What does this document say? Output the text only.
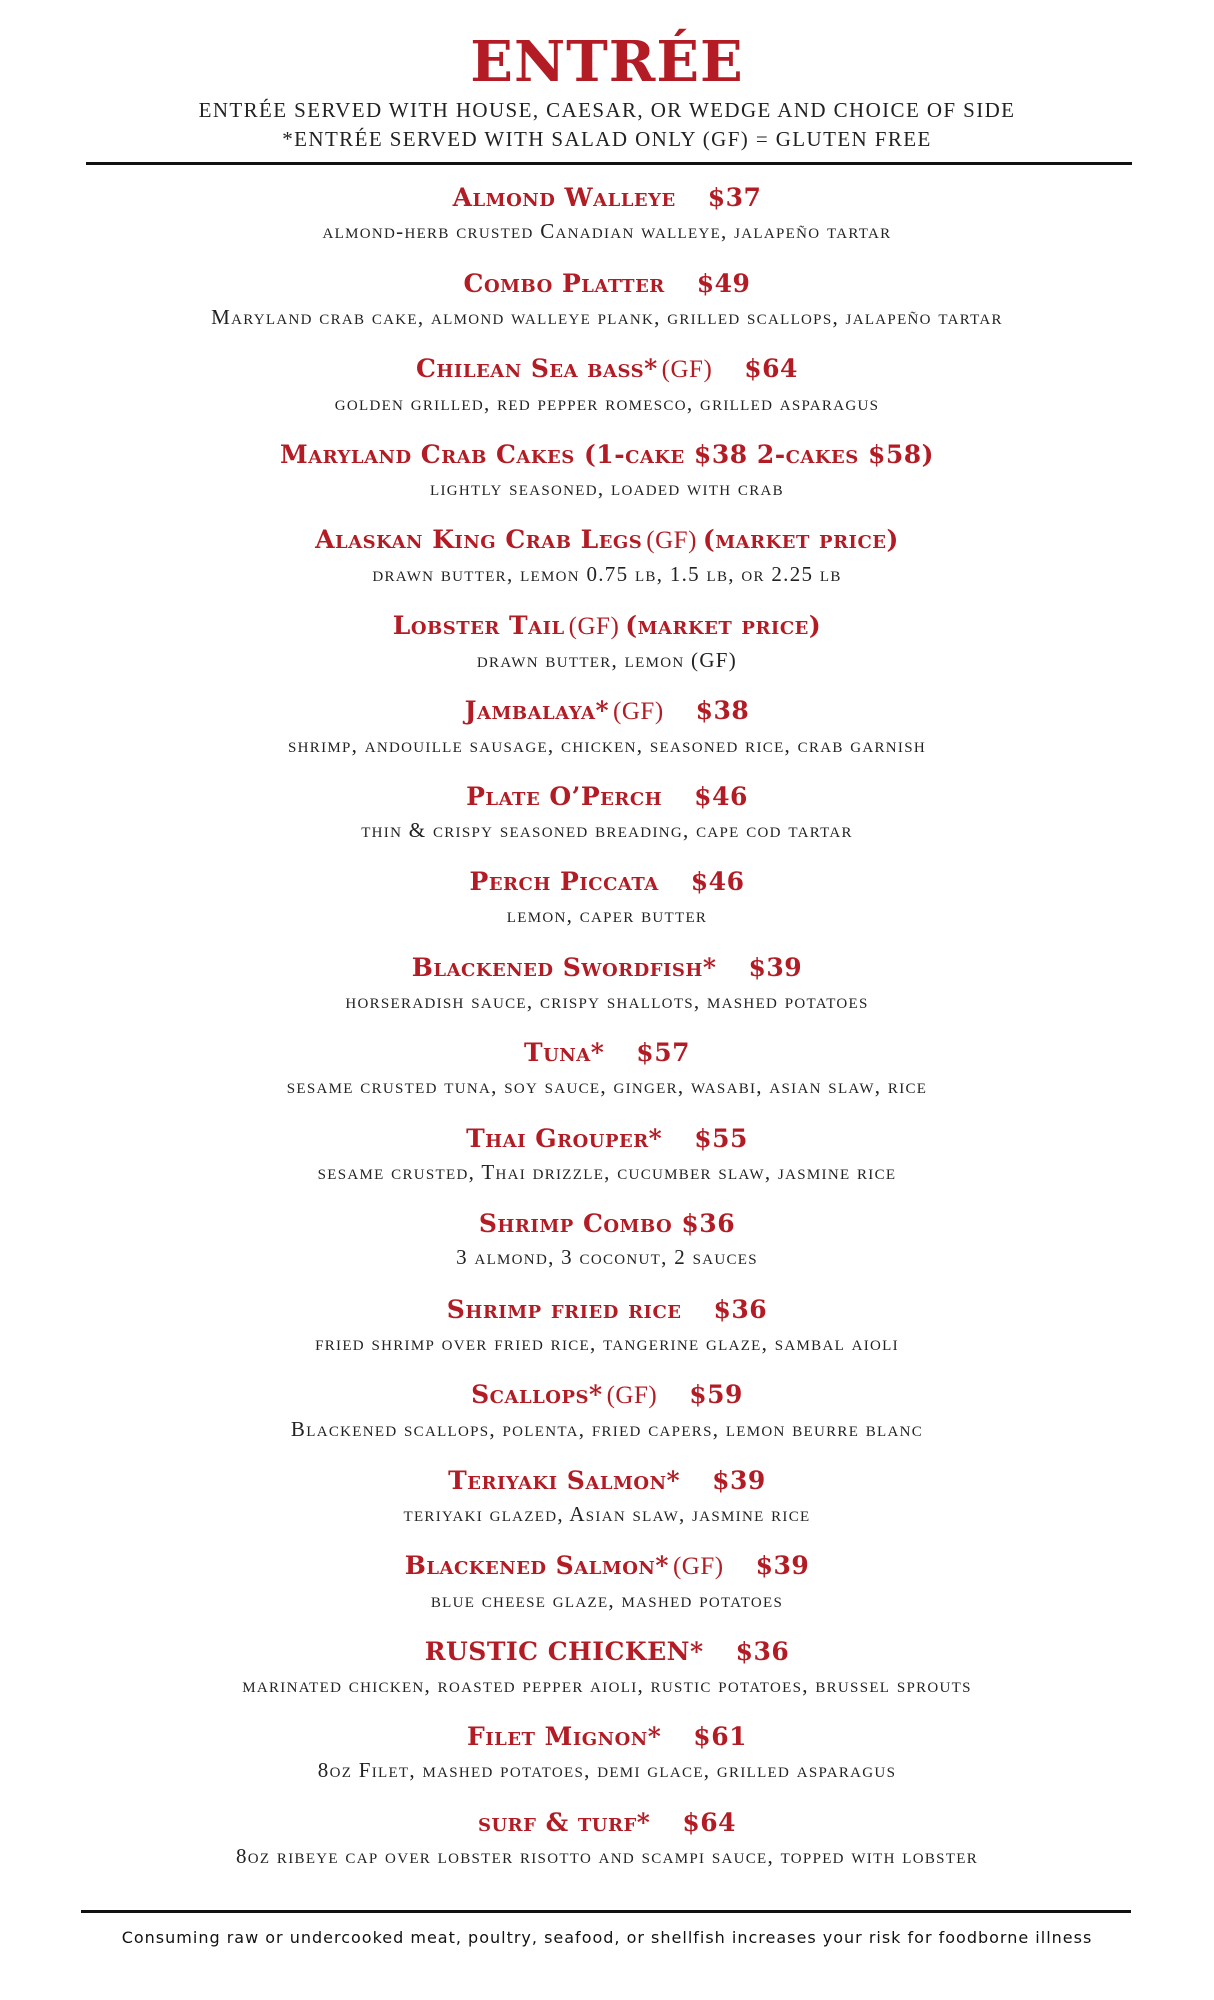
ENTRÉE
ENTRÉE SERVED WITH HOUSE, CAESAR, OR WEDGE AND CHOICE OF SIDE
*ENTRÉE SERVED WITH SALAD ONLY (GF) = GLUTEN FREE
Almond Walleye $37
almond-herb crusted Canadian walleye, jalapeño tartar
Combo Platter $49
Maryland crab cake, almond walleye plank, grilled scallops, jalapeño tartar
Chilean Sea bass* (GF) $64
golden grilled, red pepper romesco, grilled asparagus
Maryland Crab Cakes (1-cake $38 2-cakes $58)
lightly seasoned, loaded with crab
Alaskan King Crab Legs (GF) (market price)
drawn butter, lemon 0.75 lb, 1.5 lb, or 2.25 lb
Lobster Tail (GF) (market price)
drawn butter, lemon (GF)
Jambalaya* (GF) $38
shrimp, andouille sausage, chicken, seasoned rice, crab garnish
Plate O’Perch $46
thin & crispy seasoned breading, cape cod tartar
Perch Piccata $46
lemon, caper butter
Blackened Swordfish* $39
horseradish sauce, crispy shallots, mashed potatoes
Tuna* $57
sesame crusted tuna, soy sauce, ginger, wasabi, asian slaw, rice
Thai Grouper* $55
sesame crusted, Thai drizzle, cucumber slaw, jasmine rice
Shrimp Combo $36
3 almond, 3 coconut, 2 sauces
Shrimp fried rice $36
fried shrimp over fried rice, tangerine glaze, sambal aioli
Scallops* (GF) $59
Blackened scallops, polenta, fried capers, lemon beurre blanc
Teriyaki Salmon* $39
teriyaki glazed, Asian slaw, jasmine rice
Blackened Salmon* (GF) $39
blue cheese glaze, mashed potatoes
RUSTIC CHICKEN* $36
marinated chicken, roasted pepper aioli, rustic potatoes, brussel sprouts
Filet Mignon* $61
8oz Filet, mashed potatoes, demi glace, grilled asparagus
surf & turf* $64
8oz ribeye cap over lobster risotto and scampi sauce, topped with lobster
Consuming raw or undercooked meat, poultry, seafood, or shellfish increases your risk for foodborne illness
